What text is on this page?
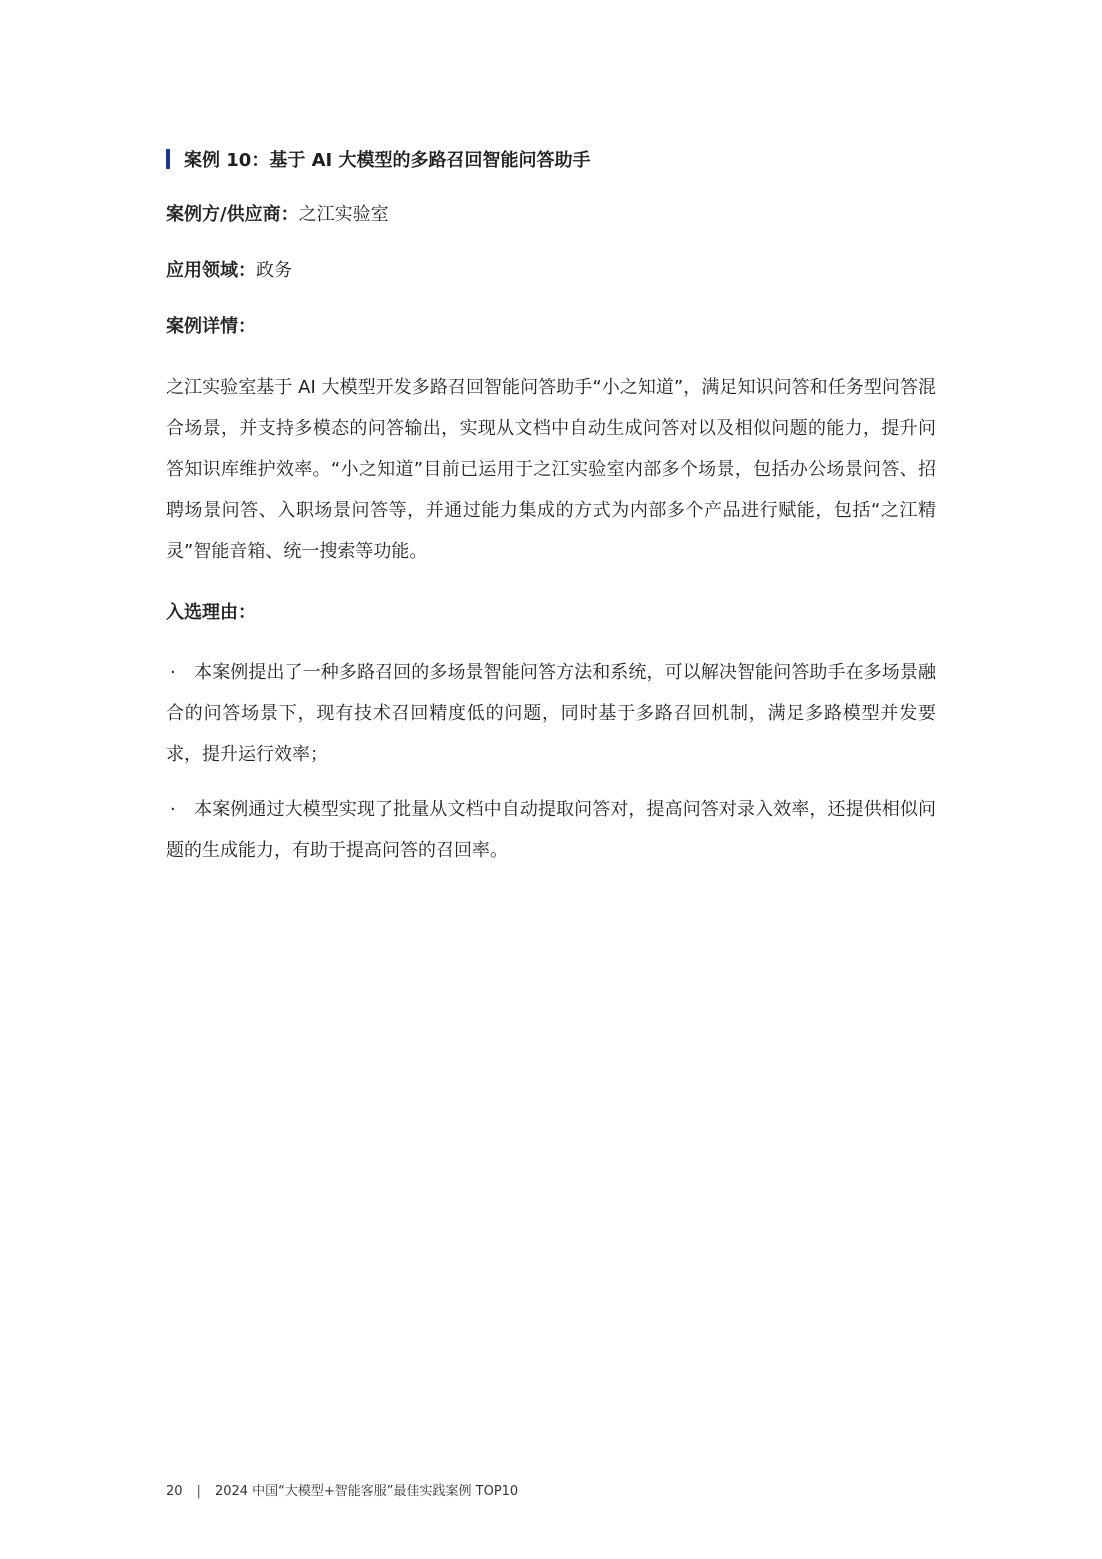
案例 10：基于 AI 大模型的多路召回智能问答助手
案例方/供应商：之江实验室
应用领域：政务
案例详情：

之江实验室基于 AI 大模型开发多路召回智能问答助手“小之知道”，满足知识问答和任务型问答混合场景，并支持多模态的问答输出，实现从文档中自动生成问答对以及相似问题的能力，提升问答知识库维护效率。“小之知道”目前已运用于之江实验室内部多个场景，包括办公场景问答、招聘场景问答、入职场景问答等，并通过能力集成的方式为内部多个产品进行赋能，包括“之江精灵”智能音箱、统一搜索等功能。

入选理由：
· 本案例提出了一种多路召回的多场景智能问答方法和系统，可以解决智能问答助手在多场景融合的问答场景下，现有技术召回精度低的问题，同时基于多路召回机制，满足多路模型并发要求，提升运行效率；
· 本案例通过大模型实现了批量从文档中自动提取问答对，提高问答对录入效率，还提供相似问题的生成能力，有助于提高问答的召回率。
20 | 2024 中国“大模型+智能客服”最佳实践案例 TOP10
